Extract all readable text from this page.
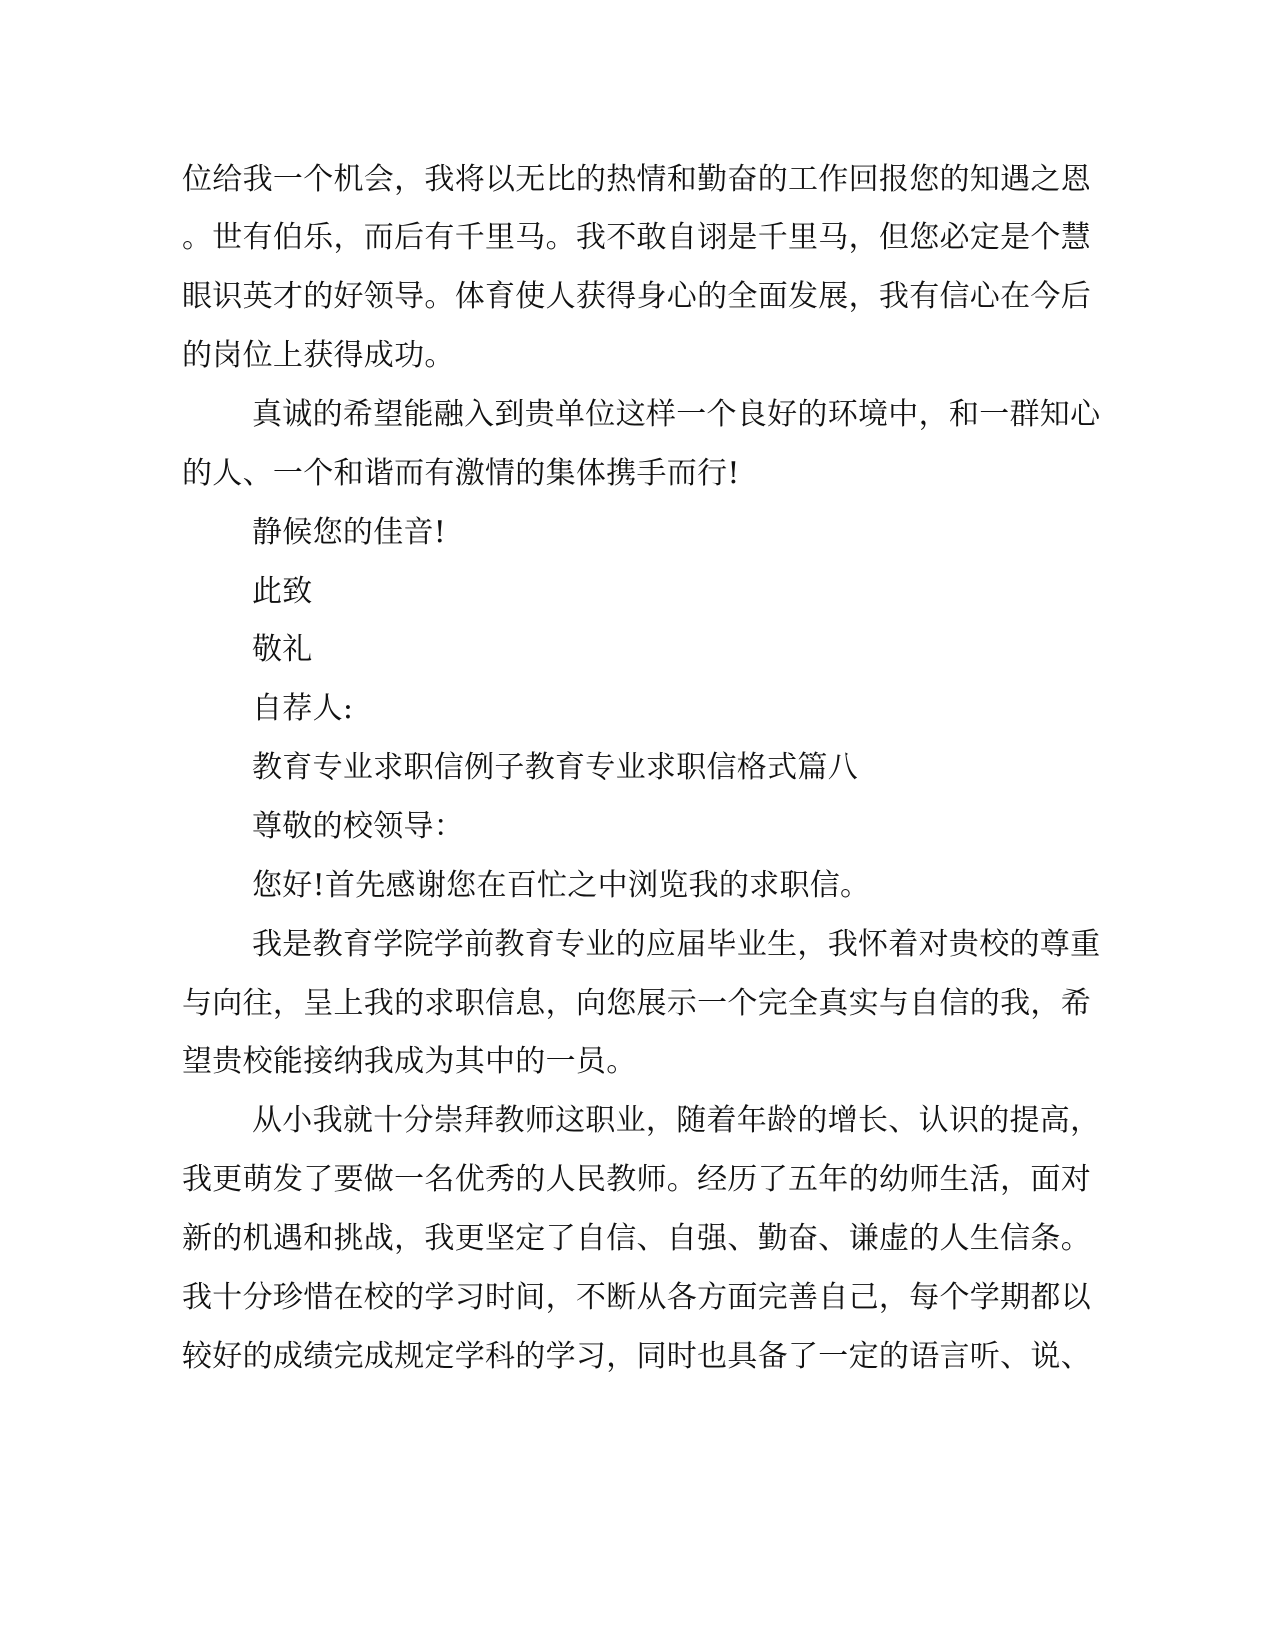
位给我一个机会，我将以无比的热情和勤奋的工作回报您的知遇之恩
。世有伯乐，而后有千里马。我不敢自诩是千里马，但您必定是个慧
眼识英才的好领导。体育使人获得身心的全面发展，我有信心在今后
的岗位上获得成功。
真诚的希望能融入到贵单位这样一个良好的环境中，和一群知心
的人、一个和谐而有激情的集体携手而行!
静候您的佳音!
此致
敬礼
自荐人:
教育专业求职信例子教育专业求职信格式篇八
尊敬的校领导：
您好!首先感谢您在百忙之中浏览我的求职信。
我是教育学院学前教育专业的应届毕业生，我怀着对贵校的尊重
与向往，呈上我的求职信息，向您展示一个完全真实与自信的我，希
望贵校能接纳我成为其中的一员。
从小我就十分崇拜教师这职业，随着年龄的增长、认识的提高，
我更萌发了要做一名优秀的人民教师。经历了五年的幼师生活，面对
新的机遇和挑战，我更坚定了自信、自强、勤奋、谦虚的人生信条。
我十分珍惜在校的学习时间，不断从各方面完善自己，每个学期都以
较好的成绩完成规定学科的学习，同时也具备了一定的语言听、说、
